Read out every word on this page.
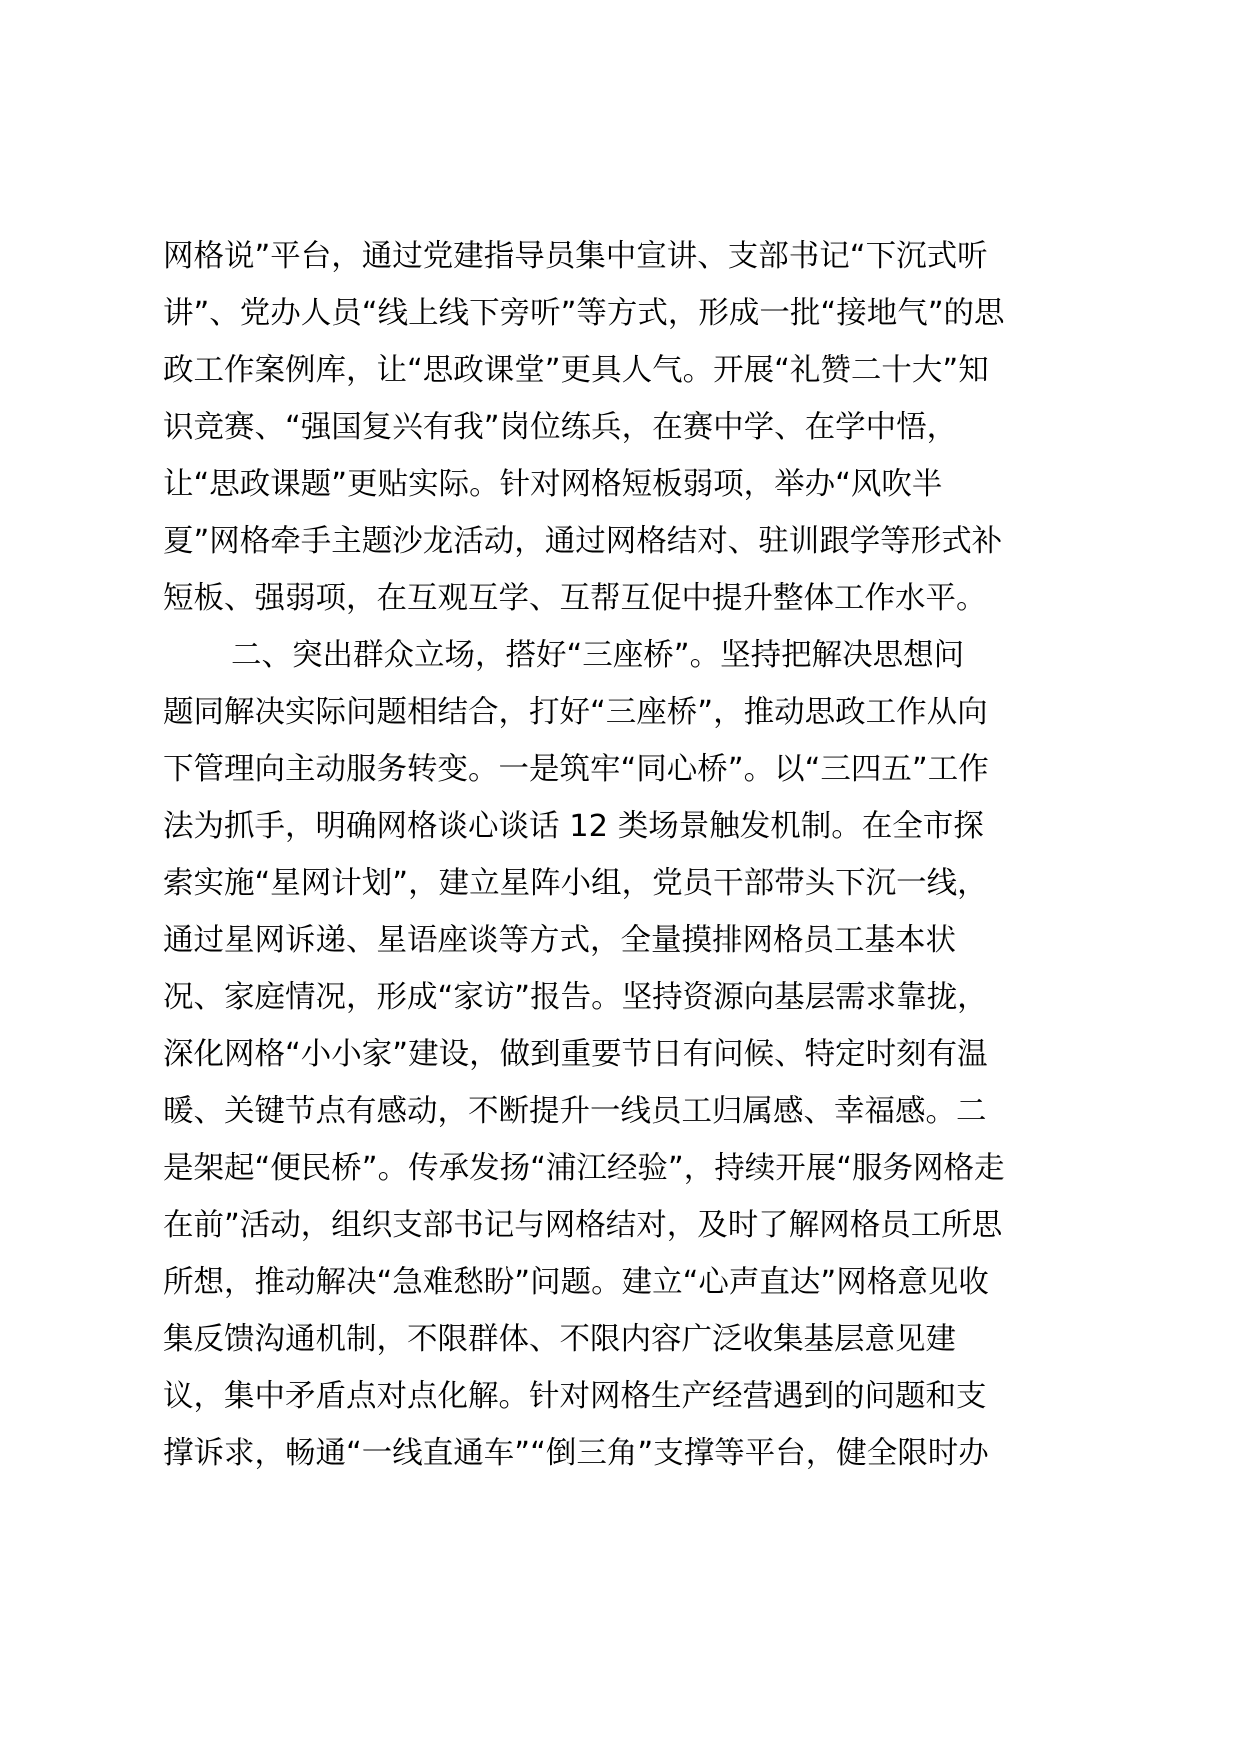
网格说”平台，通过党建指导员集中宣讲、支部书记“下沉式听
讲”、党办人员“线上线下旁听”等方式，形成一批“接地气”的思
政工作案例库，让“思政课堂”更具人气。开展“礼赞二十大”知
识竞赛、“强国复兴有我”岗位练兵，在赛中学、在学中悟，
让“思政课题”更贴实际。针对网格短板弱项，举办“风吹半
夏”网格牵手主题沙龙活动，通过网格结对、驻训跟学等形式补
短板、强弱项，在互观互学、互帮互促中提升整体工作水平。
二、突出群众立场，搭好“三座桥”。坚持把解决思想问
题同解决实际问题相结合，打好“三座桥”，推动思政工作从向
下管理向主动服务转变。一是筑牢“同心桥”。以“三四五”工作
法为抓手，明确网格谈心谈话 12 类场景触发机制。在全市探
索实施“星网计划”，建立星阵小组，党员干部带头下沉一线，
通过星网诉递、星语座谈等方式，全量摸排网格员工基本状
况、家庭情况，形成“家访”报告。坚持资源向基层需求靠拢，
深化网格“小小家”建设，做到重要节日有问候、特定时刻有温
暖、关键节点有感动，不断提升一线员工归属感、幸福感。二
是架起“便民桥”。传承发扬“浦江经验”，持续开展“服务网格走
在前”活动，组织支部书记与网格结对，及时了解网格员工所思
所想，推动解决“急难愁盼”问题。建立“心声直达”网格意见收
集反馈沟通机制，不限群体、不限内容广泛收集基层意见建
议，集中矛盾点对点化解。针对网格生产经营遇到的问题和支
撑诉求，畅通“一线直通车”“倒三角”支撑等平台，健全限时办
